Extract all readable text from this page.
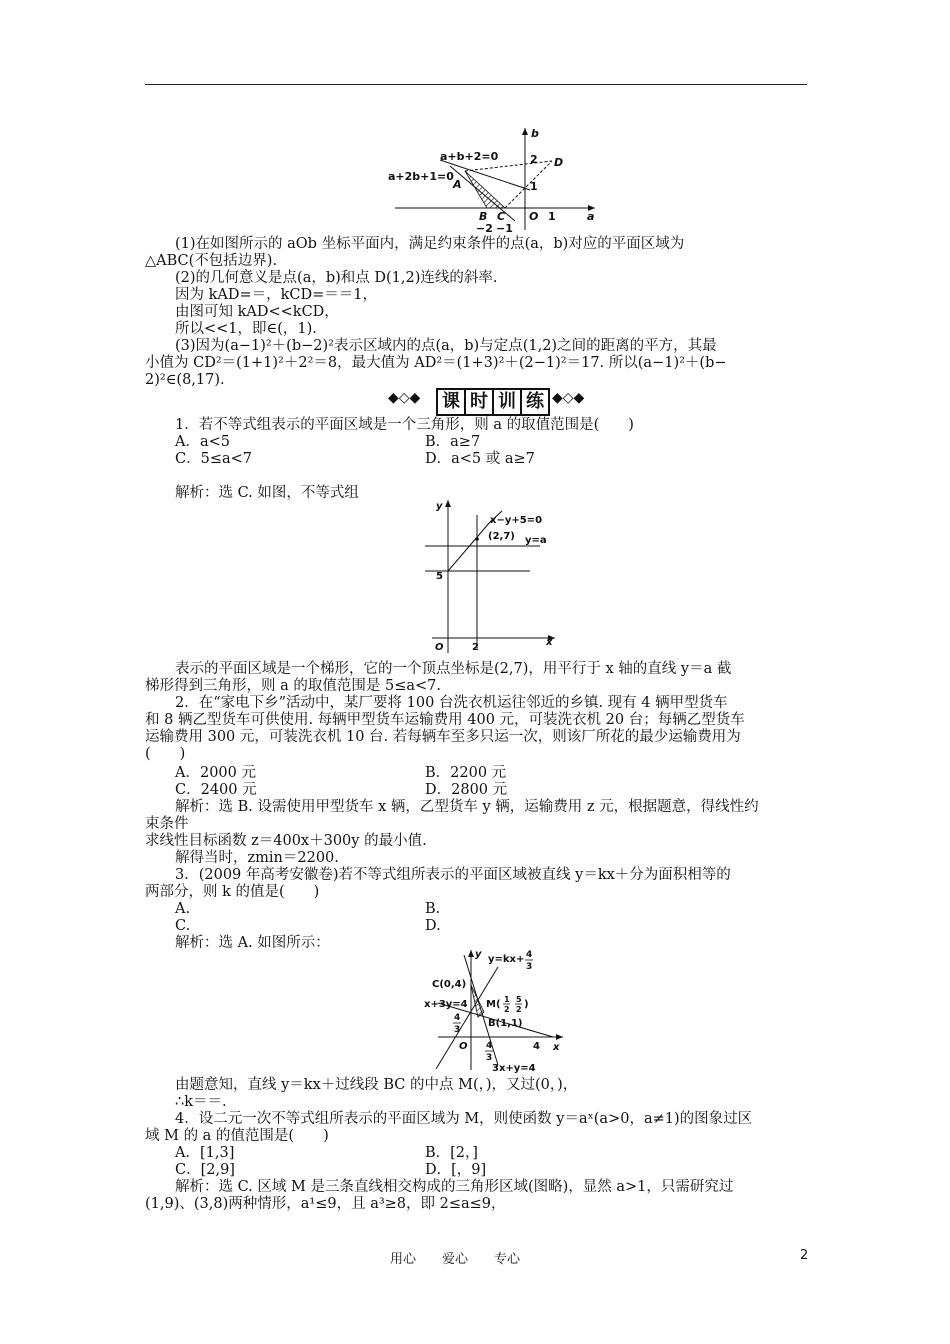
a+b+2=0
a+2b+1=0
A
B C
D
O	a
b
2
1
1
−2 −1
(1)在如图所示的 aOb 坐标平面内，满足约束条件的点(a，b)对应的平面区域为
△ABC(不包括边界).
(2)的几何意义是点(a，b)和点 D(1,2)连线的斜率.
因为 kAD=＝，kCD=＝＝1，
由图可知 kAD<<kCD，
所以<<1，即∈(，1).
(3)因为(a−1)²＋(b−2)²表示区域内的点(a，b)与定点(1,2)之间的距离的平方，其最
小值为 CD²＝(1+1)²＋2²＝8，最大值为 AD²＝(1+3)²＋(2−1)²＝17. 所以(a−1)²＋(b−
2)²∈(8,17).
◆◇◆	课 时 训 练 ◆◇◆
1．若不等式组表示的平面区域是一个三角形，则 a 的取值范围是(　　)
A．a<5	B．a≥7
C．5≤a<7	D．a<5 或 a≥7
解析：选 C. 如图，不等式组
y
x
x−y+5=0
(2,7) y=a
5
O	2
表示的平面区域是一个梯形，它的一个顶点坐标是(2,7)，用平行于 x 轴的直线 y＝a 截
梯形得到三角形，则 a 的取值范围是 5≤a<7.
2．在“家电下乡”活动中，某厂要将 100 台洗衣机运往邻近的乡镇. 现有 4 辆甲型货车
和 8 辆乙型货车可供使用. 每辆甲型货车运输费用 400 元，可装洗衣机 20 台；每辆乙型货车
运输费用 300 元，可装洗衣机 10 台. 若每辆车至多只运一次，则该厂所花的最少运输费用为
(　　)
A．2000 元	B．2200 元
C．2400 元	D．2800 元
解析：选 B. 设需使用甲型货车 x 辆，乙型货车 y 辆，运输费用 z 元，根据题意，得线性约
束条件
求线性目标函数 z＝400x＋300y 的最小值.
解得当时，zmin＝2200.
3．(2009 年高考安徽卷)若不等式组所表示的平面区域被直线 y＝kx＋分为面积相等的
两部分，则 k 的值是(　　)
A.	B.
C.	D.
解析：选 A. 如图所示：
y
x
y=kx+ 4
3
C(0,4)
x+3y=4 M( 1
2
5
2 )
B(1,1)
4
3
O 4
3
4
3x+y=4
由题意知，直线 y＝kx＋过线段 BC 的中点 M(，)，又过(0，)，
∴k＝＝.
4．设二元一次不等式组所表示的平面区域为 M，则使函数 y＝aˣ(a>0，a≠1)的图象过区
域 M 的 a 的值范围是(　　)
A．[1,3]	B．[2，]
C．[2,9]	D．[，9]
解析：选 C. 区域 M 是三条直线相交构成的三角形区域(图略)，显然 a>1，只需研究过
(1,9)、(3,8)两种情形，a¹≤9，且 a³≥8，即 2≤a≤9，
用心　　爱心　　专心	2
